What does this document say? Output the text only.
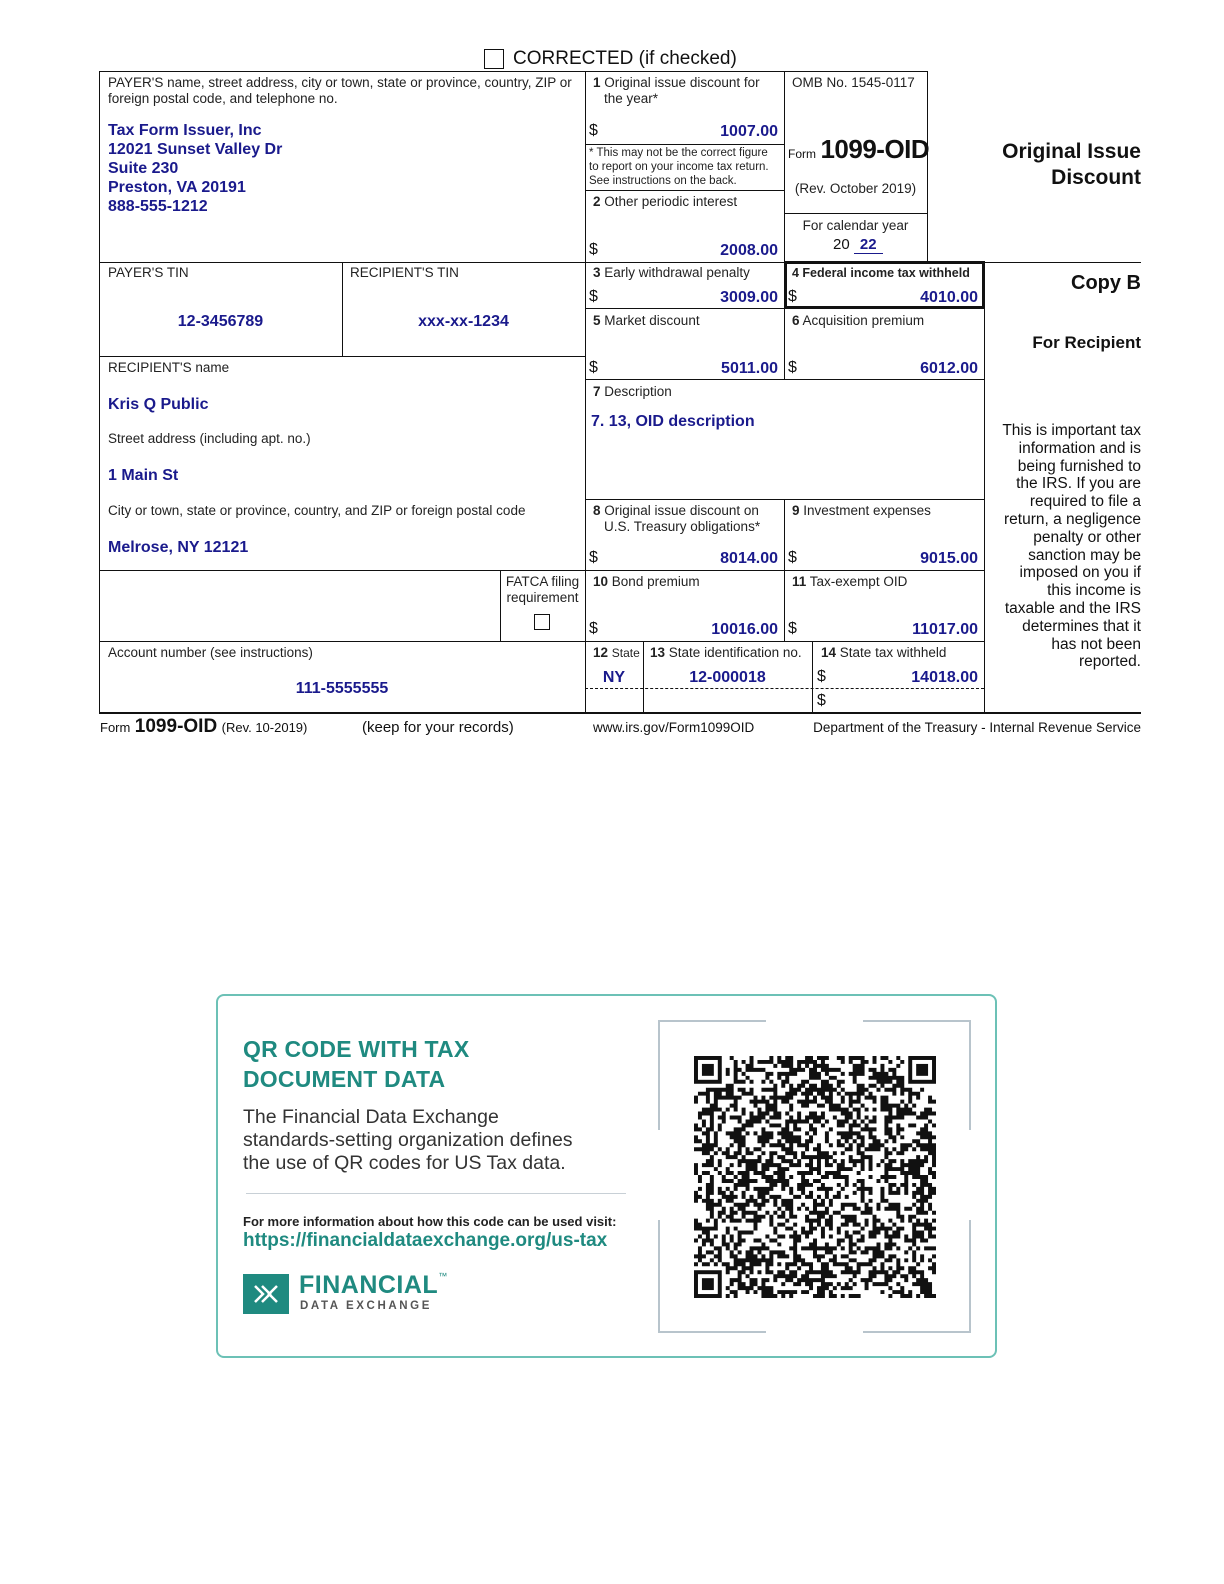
CORRECTED (if checked)
PAYER'S name, street address, city or town, state or province, country, ZIP or foreign postal code, and telephone no.
Tax Form Issuer, Inc
12021 Sunset Valley Dr
Suite 230
Preston, VA 20191
888-555-1212
PAYER'S TIN
12-3456789
RECIPIENT'S TIN
xxx-xx-1234
RECIPIENT'S name
Kris Q Public
Street address (including apt. no.)
1 Main St
City or town, state or province, country, and ZIP or foreign postal code
Melrose, NY 12121
FATCA filing
requirement
Account number (see instructions)
111-5555555
1 Original issue discount for
the year*
$	1007.00
* This may not be the correct figure
to report on your income tax return.
See instructions on the back.
OMB No. 1545-0117
Form 1099-OID
(Rev. October 2019)
For calendar year
20 22
2 Other periodic interest
$	2008.00
Original Issue
Discount
3 Early withdrawal penalty
$	3009.00
4 Federal income tax withheld
$	4010.00
Copy B
For Recipient
5 Market discount
$	5011.00
6 Acquisition premium
$	6012.00
7 Description
7. 13, OID description
This is important tax
information and is
being furnished to
the IRS. If you are
required to file a
return, a negligence
penalty or other
sanction may be
imposed on you if
this income is
taxable and the IRS
determines that it
has not been
reported.
8 Original issue discount on
U.S. Treasury obligations*
$	8014.00
9 Investment expenses
$	9015.00
10 Bond premium
$	10016.00
11 Tax-exempt OID
$	11017.00
12 State
NY
13 State identification no.
12-000018
14 State tax withheld
$	14018.00
$
Form 1099-OID (Rev. 10-2019)	(keep for your records)	www.irs.gov/Form1099OID	Department of the Treasury - Internal Revenue Service
QR CODE WITH TAX
DOCUMENT DATA
The Financial Data Exchange
standards-setting organization defines
the use of QR codes for US Tax data.
For more information about how this code can be used visit:
https://financialdataexchange.org/us-tax
FINANCIAL™
DATA EXCHANGE
